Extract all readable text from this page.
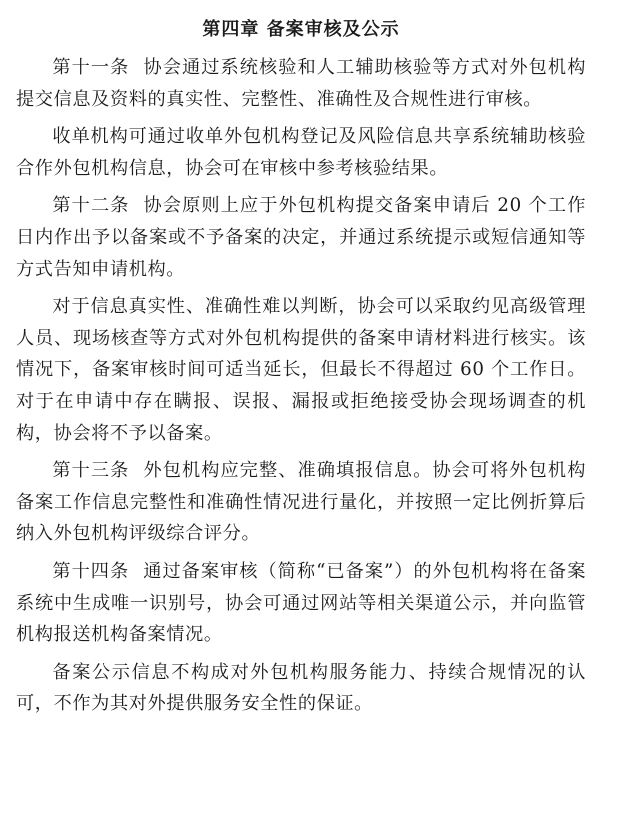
第四章 备案审核及公示

第十一条 协会通过系统核验和人工辅助核验等方式对外包机构提交信息及资料的真实性、完整性、准确性及合规性进行审核。

收单机构可通过收单外包机构登记及风险信息共享系统辅助核验合作外包机构信息，协会可在审核中参考核验结果。

第十二条 协会原则上应于外包机构提交备案申请后 20 个工作日内作出予以备案或不予备案的决定，并通过系统提示或短信通知等方式告知申请机构。

对于信息真实性、准确性难以判断，协会可以采取约见高级管理人员、现场核查等方式对外包机构提供的备案申请材料进行核实。该情况下，备案审核时间可适当延长，但最长不得超过 60 个工作日。对于在申请中存在瞒报、误报、漏报或拒绝接受协会现场调查的机构，协会将不予以备案。

第十三条 外包机构应完整、准确填报信息。协会可将外包机构备案工作信息完整性和准确性情况进行量化，并按照一定比例折算后纳入外包机构评级综合评分。

第十四条 通过备案审核（简称“已备案”）的外包机构将在备案系统中生成唯一识别号，协会可通过网站等相关渠道公示，并向监管机构报送机构备案情况。

备案公示信息不构成对外包机构服务能力、持续合规情况的认可，不作为其对外提供服务安全性的保证。
